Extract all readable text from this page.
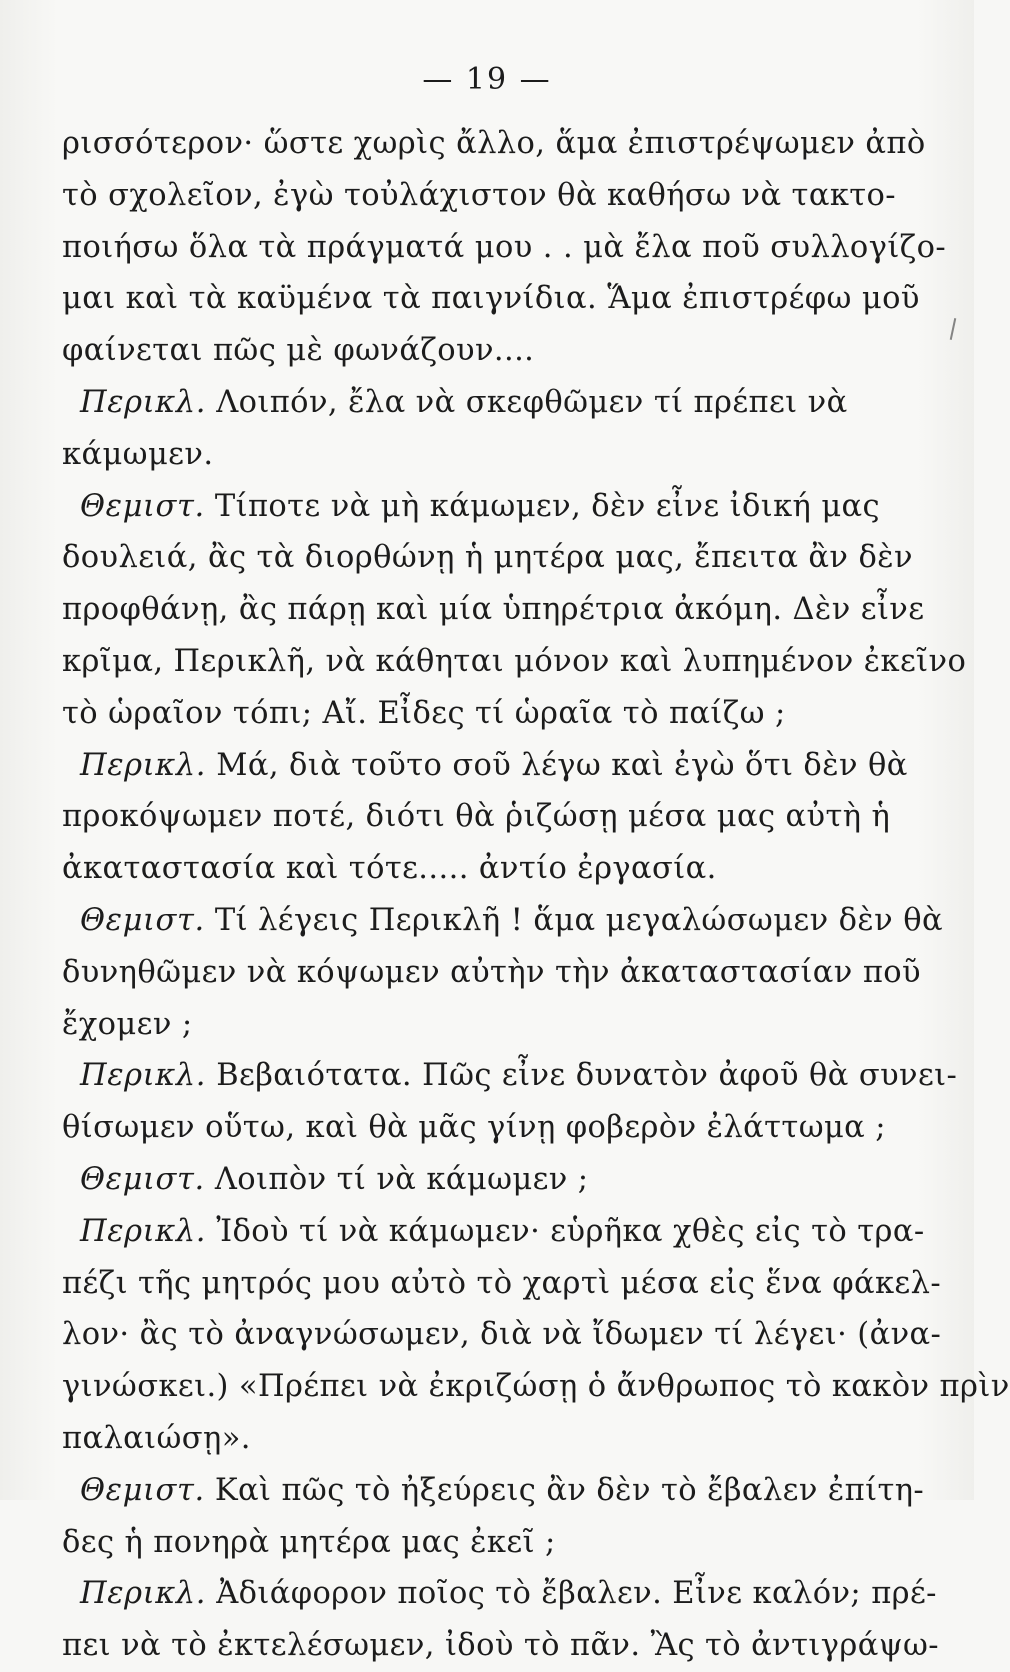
— 19 —
ρισσότερον· ὥστε χωρὶς ἄλλο, ἅμα ἐπιστρέψωμεν ἀπὸ
τὸ σχολεῖον, ἐγὼ τοὐλάχιστον θὰ καθήσω νὰ τακτο-
ποιήσω ὅλα τὰ πράγματά μου . . μὰ ἔλα ποῦ συλλογίζο-
μαι καὶ τὰ καϋμένα τὰ παιγνίδια. Ἅμα ἐπιστρέφω μοῦ
φαίνεται πῶς μὲ φωνάζουν....
Περικλ. Λοιπόν, ἔλα νὰ σκεφθῶμεν τί πρέπει νὰ
κάμωμεν.
Θεμιστ. Τίποτε νὰ μὴ κάμωμεν, δὲν εἶνε ἰδική μας
δουλειά, ἂς τὰ διορθώνῃ ἡ μητέρα μας, ἔπειτα ἂν δὲν
προφθάνῃ, ἂς πάρῃ καὶ μία ὑπηρέτρια ἀκόμη. Δὲν εἶνε
κρῖμα, Περικλῆ, νὰ κάθηται μόνον καὶ λυπημένον ἐκεῖνο
τὸ ὡραῖον τόπι; Αἴ. Εἶδες τί ὡραῖα τὸ παίζω ;
Περικλ. Μά, διὰ τοῦτο σοῦ λέγω καὶ ἐγὼ ὅτι δὲν θὰ
προκόψωμεν ποτέ, διότι θὰ ῥιζώσῃ μέσα μας αὐτὴ ἡ
ἀκαταστασία καὶ τότε..... ἀντίο ἐργασία.
Θεμιστ. Τί λέγεις Περικλῆ ! ἅμα μεγαλώσωμεν δὲν θὰ
δυνηθῶμεν νὰ κόψωμεν αὐτὴν τὴν ἀκαταστασίαν ποῦ
ἔχομεν ;
Περικλ. Βεβαιότατα. Πῶς εἶνε δυνατὸν ἀφοῦ θὰ συνει-
θίσωμεν οὕτω, καὶ θὰ μᾶς γίνῃ φοβερὸν ἐλάττωμα ;
Θεμιστ. Λοιπὸν τί νὰ κάμωμεν ;
Περικλ. Ἰδοὺ τί νὰ κάμωμεν· εὑρῆκα χθὲς εἰς τὸ τρα-
πέζι τῆς μητρός μου αὐτὸ τὸ χαρτὶ μέσα εἰς ἕνα φάκελ-
λον· ἂς τὸ ἀναγνώσωμεν, διὰ νὰ ἴδωμεν τί λέγει· (ἀνα-
γινώσκει.) «Πρέπει νὰ ἐκριζώσῃ ὁ ἄνθρωπος τὸ κακὸν πρὶν
παλαιώσῃ».
Θεμιστ. Καὶ πῶς τὸ ἠξεύρεις ἂν δὲν τὸ ἔβαλεν ἐπίτη-
δες ἡ πονηρὰ μητέρα μας ἐκεῖ ;
Περικλ. Ἀδιάφορον ποῖος τὸ ἔβαλεν. Εἶνε καλόν; πρέ-
πει νὰ τὸ ἐκτελέσωμεν, ἰδοὺ τὸ πᾶν. Ἂς τὸ ἀντιγράψω-
